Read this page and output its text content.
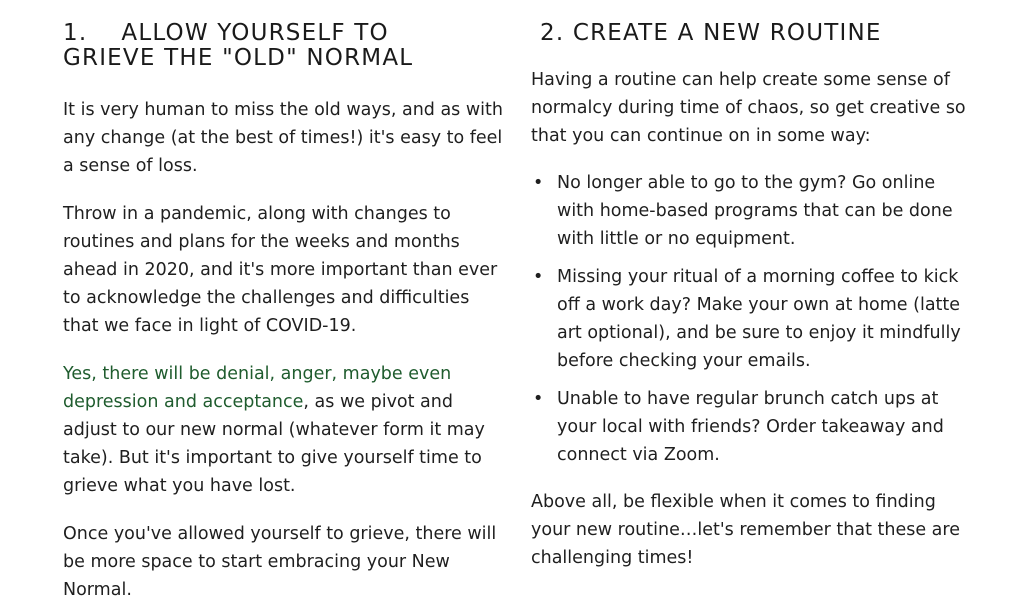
1.    ALLOW YOURSELF TO
GRIEVE THE "OLD" NORMAL

It is very human to miss the old ways, and as with any change (at the best of times!) it's easy to feel a sense of loss.

Throw in a pandemic, along with changes to routines and plans for the weeks and months ahead in 2020, and it's more important than ever to acknowledge the challenges and difficulties that we face in light of COVID-19.

Yes, there will be denial, anger, maybe even depression and acceptance, as we pivot and adjust to our new normal (whatever form it may take). But it's important to give yourself time to grieve what you have lost.

Once you've allowed yourself to grieve, there will be more space to start embracing your New Normal.

2. CREATE A NEW ROUTINE

Having a routine can help create some sense of normalcy during time of chaos, so get creative so that you can continue on in some way:

• No longer able to go to the gym? Go online with home-based programs that can be done with little or no equipment.
• Missing your ritual of a morning coffee to kick off a work day? Make your own at home (latte art optional), and be sure to enjoy it mindfully before checking your emails.
• Unable to have regular brunch catch ups at your local with friends? Order takeaway and connect via Zoom.

Above all, be flexible when it comes to finding your new routine…let's remember that these are challenging times!
